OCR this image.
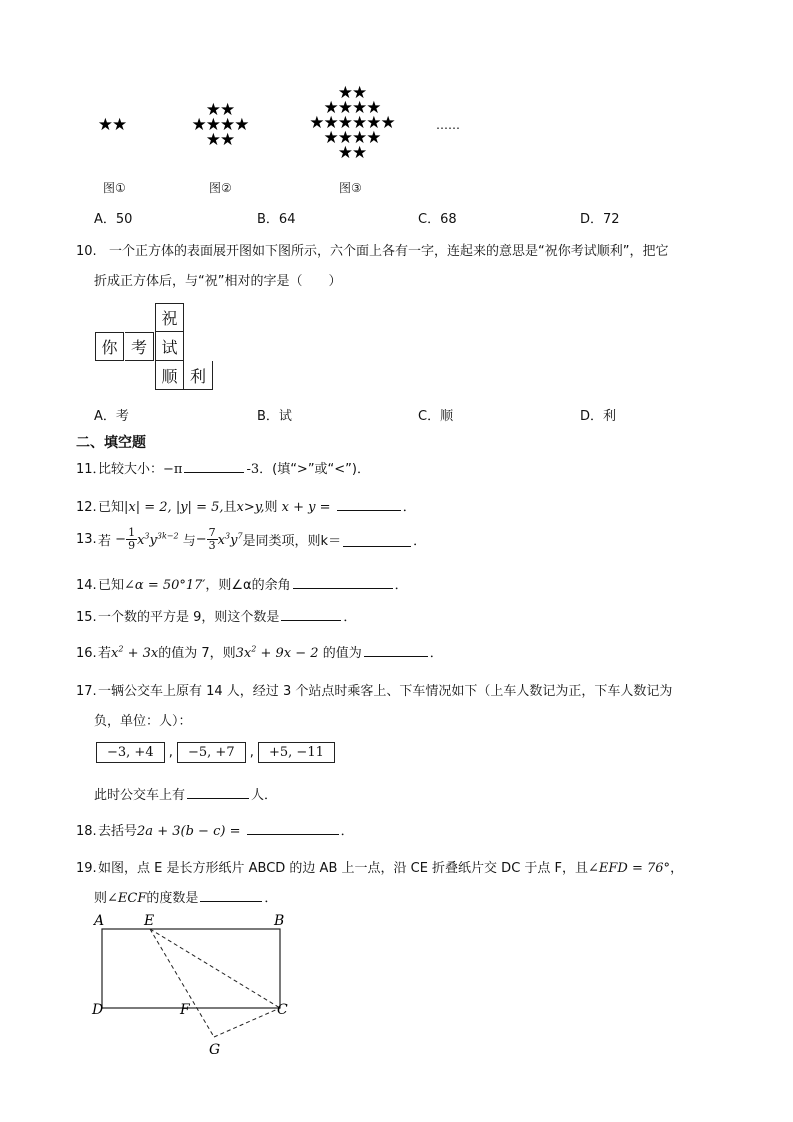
★★
★★
★★★★
★★
★★
★★★★
★★★★★★
★★★★
★★
……
图①	图②	图③
A．50	B．64	C．68	D．72
10. 一个正方体的表面展开图如下图所示，六个面上各有一字，连起来的意思是“祝你考试顺利”，把它
折成正方体后，与“祝”相对的字是（　　）
祝
你 考 试
顺 利
A．考	B．试	C．顺	D．利
二、填空题
11．比较大小：−π	-3．(填“>”或“<”)．
12.已知|x| = 2, |y| = 5,且x>y,则 x + y =	．
13.若 − $\frac{1}{9} x^3y^{3k-2}$ 与− $\frac{7}{3} x^3y^7$是同类项，则k＝	．
14.已知∠α = 50°17′，则∠α的余角	．
15.一个数的平方是 9，则这个数是	．
16.若$x^2 + 3x$的值为 7，则$3x^2 + 9x - 2$ 的值为	．
17.一辆公交车上原有 14 人，经过 3 个站点时乘客上、下车情况如下（上车人数记为正，下车人数记为
负，单位：人）：
−3, +4 , −5, +7 , +5, −11
此时公交车上有	人．
18.去括号2a + 3(b − c) =	．
19.如图，点 E 是长方形纸片 ABCD 的边 AB 上一点，沿 CE 折叠纸片交 DC 于点 F，且∠EFD = 76°，
则∠ECF的度数是	．
A	E	B
D	F	C
G
